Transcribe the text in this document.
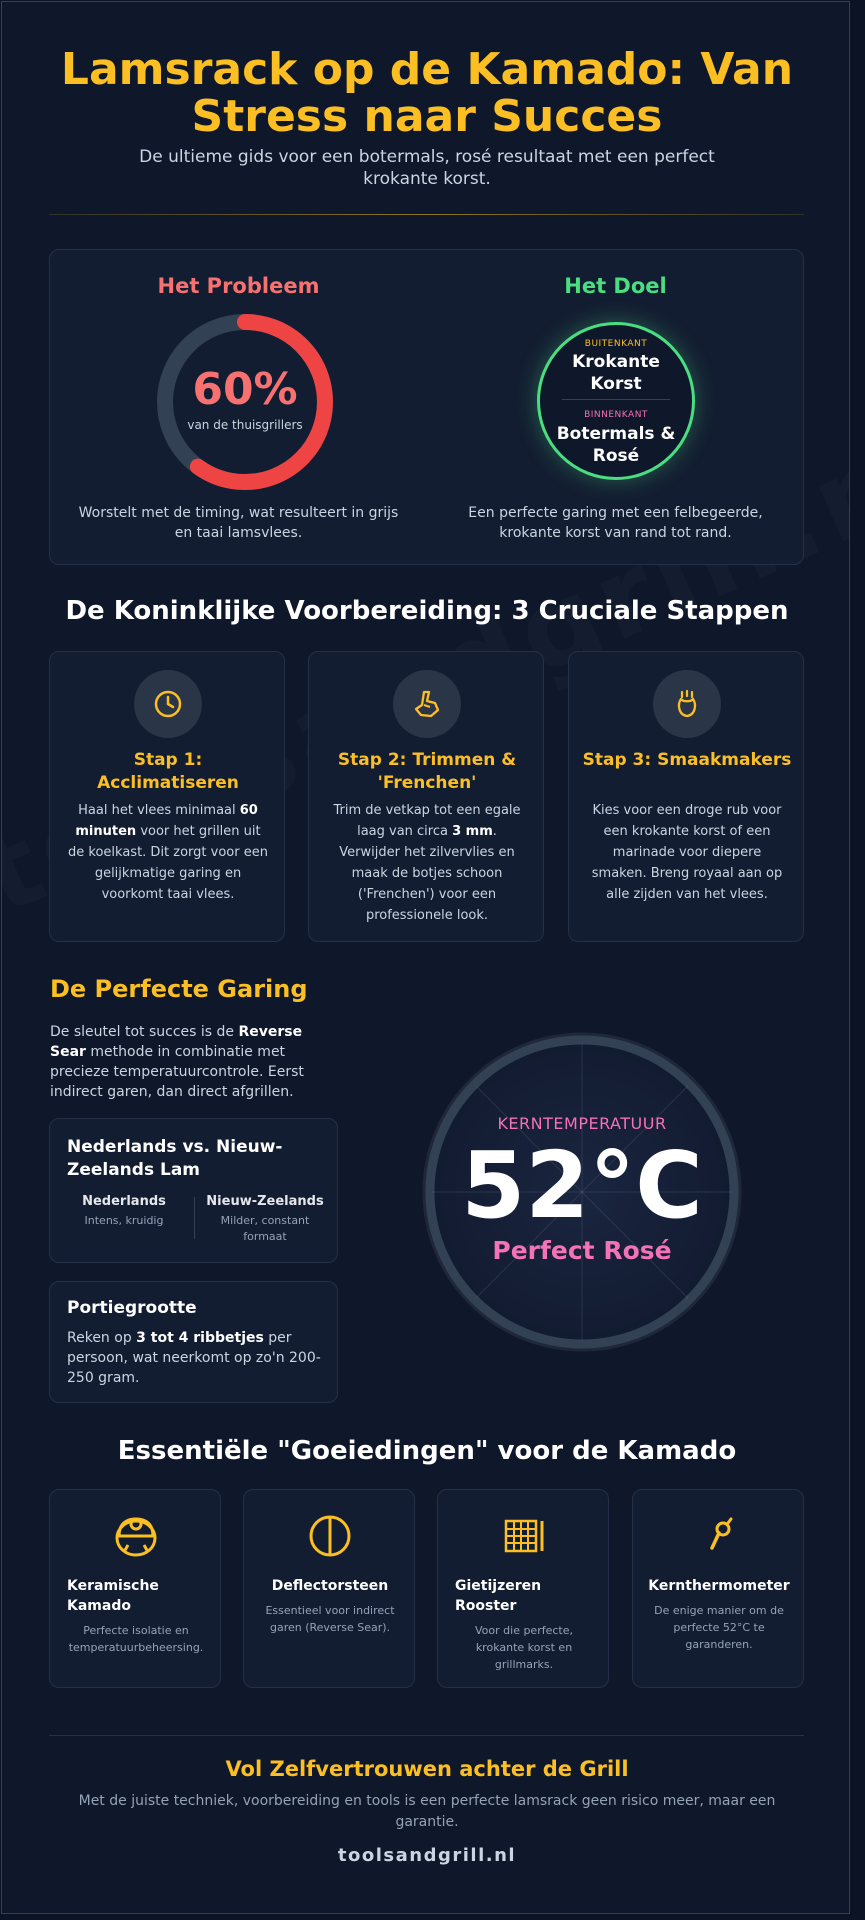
Lamsrack op de Kamado: Van Stress naar Succes

De ultieme gids voor een botermals, rosé resultaat met een perfect krokante korst.

Het Probleem
60%
van de thuisgrillers
Worstelt met de timing, wat resulteert in grijs en taai lamsvlees.
Het Doel
BUITENKANT
Krokante Korst
BINNENKANT
Botermals & Rosé
Een perfecte garing met een felbegeerde, krokante korst van rand tot rand.
De Koninklijke Voorbereiding: 3 Cruciale Stappen
Stap 1: Acclimatiseren
Haal het vlees minimaal 60 minuten voor het grillen uit de koelkast. Dit zorgt voor een gelijkmatige garing en voorkomt taai vlees.
Stap 2: Trimmen & 'Frenchen'
Trim de vetkap tot een egale laag van circa 3 mm. Verwijder het zilvervlies en maak de botjes schoon ('Frenchen') voor een professionele look.
Stap 3: Smaakmakers
Kies voor een droge rub voor een krokante korst of een marinade voor diepere smaken. Breng royaal aan op alle zijden van het vlees.
De Perfecte Garing

De sleutel tot succes is de Reverse Sear methode in combinatie met precieze temperatuurcontrole. Eerst indirect garen, dan direct afgrillen.

Nederlands vs. Nieuw-Zeelands Lam
Nederlands
Intens, kruidig
Nieuw-Zeelands
Milder, constant formaat
Portiegrootte
Reken op 3 tot 4 ribbetjes per persoon, wat neerkomt op zo'n 200-250 gram.
KERNTEMPERATUUR
52°C
Perfect Rosé
Essentiële "Goeiedingen" voor de Kamado
Keramische Kamado
Perfecte isolatie en temperatuurbeheersing.
Deflectorsteen
Essentieel voor indirect garen (Reverse Sear).
Gietijzeren Rooster
Voor die perfecte, krokante korst en grillmarks.
Kernthermometer
De enige manier om de perfecte 52°C te garanderen.
Vol Zelfvertrouwen achter de Grill

Met de juiste techniek, voorbereiding en tools is een perfecte lamsrack geen risico meer, maar een garantie.

toolsandgrill.nl
